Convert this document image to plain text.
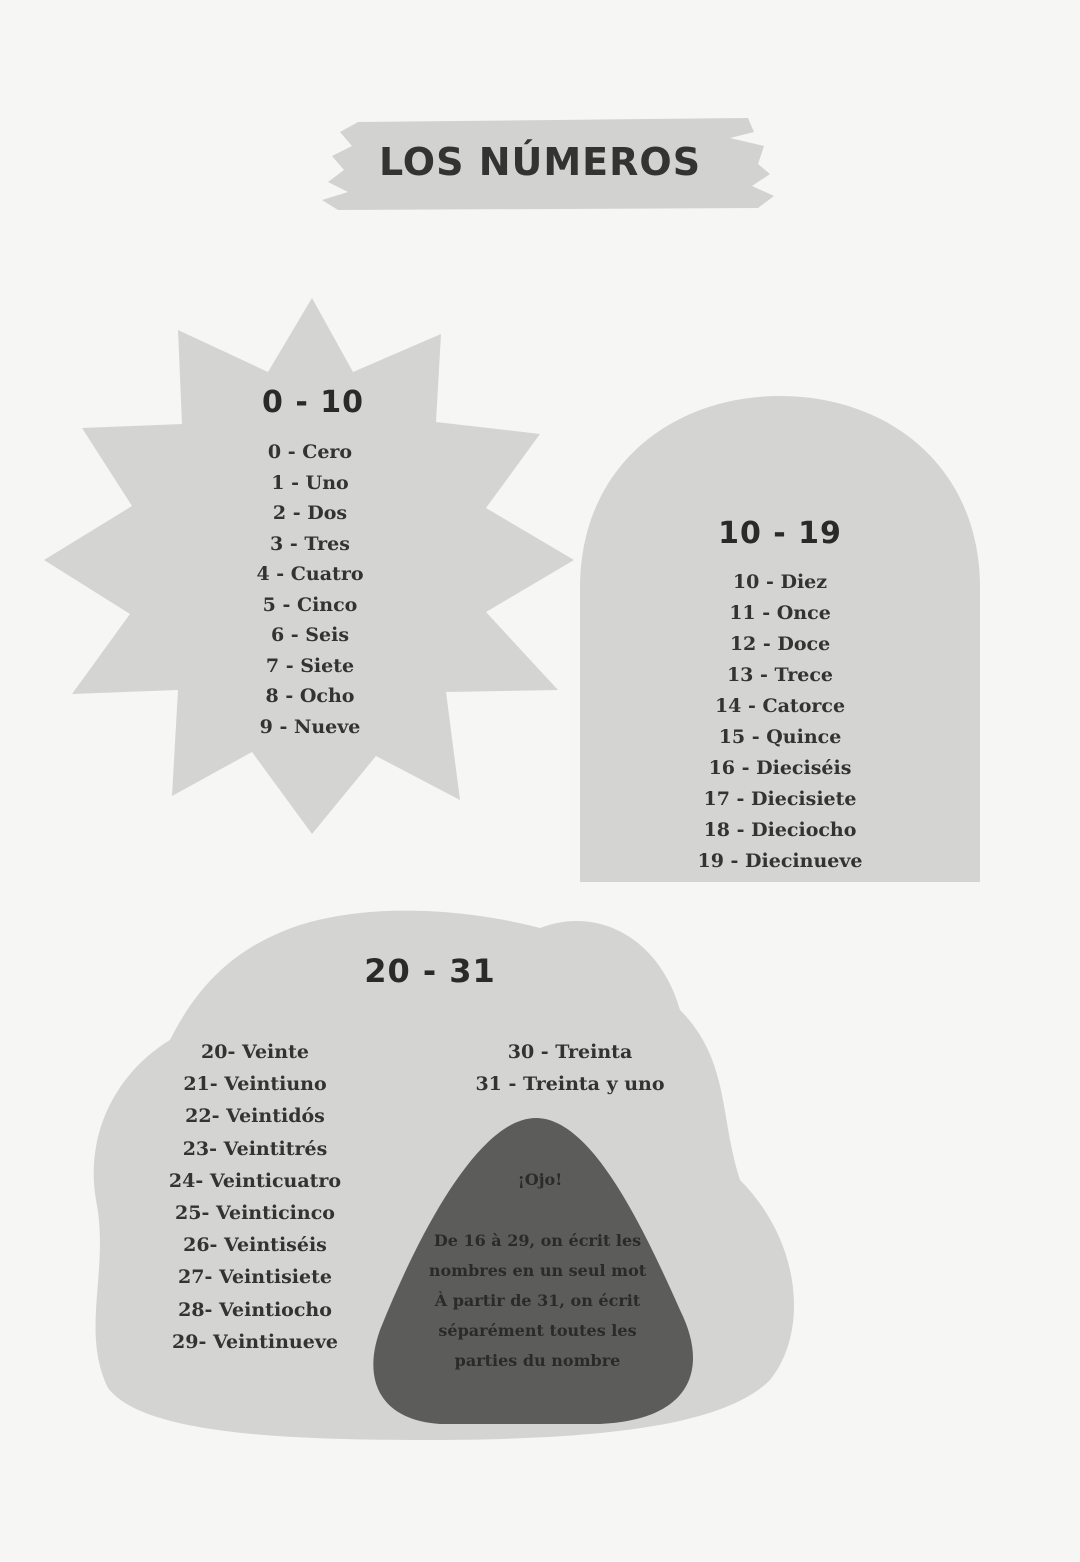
LOS NÚMEROS
0 - 10
0 - Cero
1 - Uno
2 - Dos
3 - Tres
4 - Cuatro
5 - Cinco
6 - Seis
7 - Siete
8 - Ocho
9 - Nueve
10 - 19
10 - Diez
11 - Once
12 - Doce
13 - Trece
14 - Catorce
15 - Quince
16 - Dieciséis
17 - Diecisiete
18 - Dieciocho
19 - Diecinueve
20 - 31
20- Veinte
21- Veintiuno
22- Veintidós
23- Veintitrés
24- Veinticuatro
25- Veinticinco
26- Veintiséis
27- Veintisiete
28- Veintiocho
29- Veintinueve
30 - Treinta
31 - Treinta y uno
¡Ojo!
De 16 à 29, on écrit les
nombres en un seul mot
À partir de 31, on écrit
séparément toutes les
parties du nombre
